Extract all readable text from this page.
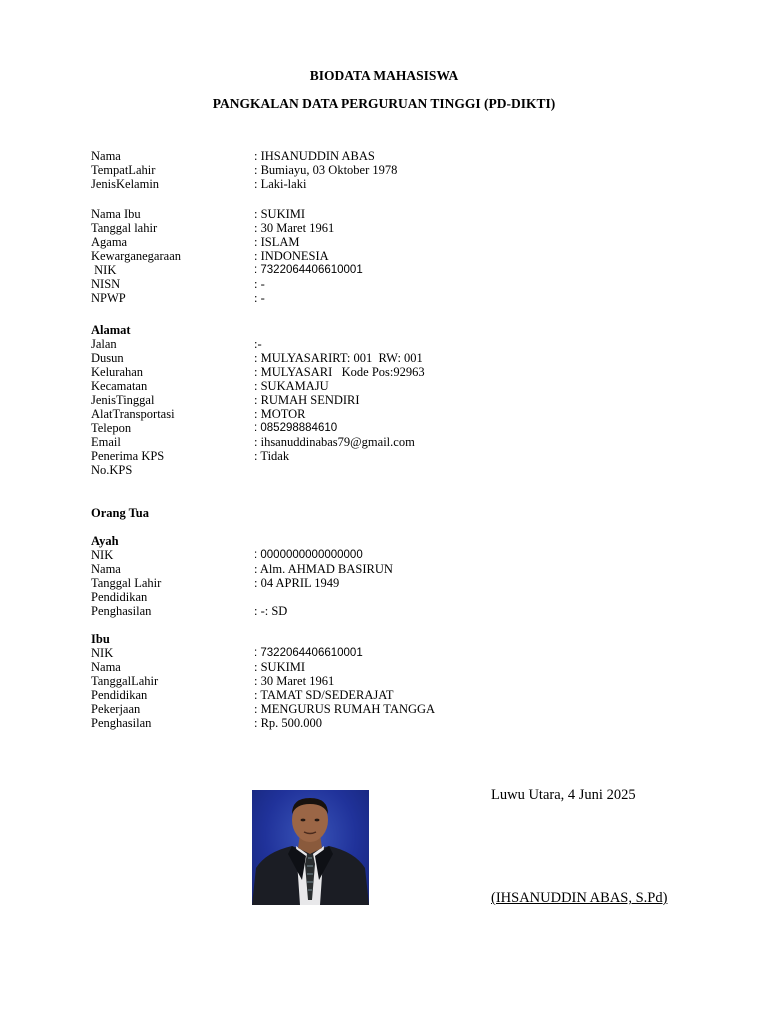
BIODATA MAHASISWA
PANGKALAN DATA PERGURUAN TINGGI (PD-DIKTI)
Nama	: IHSANUDDIN ABAS
TempatLahir	: Bumiayu, 03 Oktober 1978
JenisKelamin	: Laki-laki
Nama Ibu	: SUKIMI
Tanggal lahir	: 30 Maret 1961
Agama	: ISLAM
Kewarganegaraan	: INDONESIA
NIK	: 7322064406610001
NISN	: -
NPWP	: -
Alamat
Jalan	:-
Dusun	: MULYASARIRT: 001  RW: 001
Kelurahan	: MULYASARI   Kode Pos:92963
Kecamatan	: SUKAMAJU
JenisTinggal	: RUMAH SENDIRI
AlatTransportasi	: MOTOR
Telepon	: 085298884610
Email	: ihsanuddinabas79@gmail.com
Penerima KPS	: Tidak
No.KPS
Orang Tua
Ayah
NIK	: 0000000000000000
Nama	: Alm. AHMAD BASIRUN
Tanggal Lahir	: 04 APRIL 1949
Pendidikan
Penghasilan	: -: SD
Ibu
NIK	: 7322064406610001
Nama	: SUKIMI
TanggalLahir	: 30 Maret 1961
Pendidikan	: TAMAT SD/SEDERAJAT
Pekerjaan	: MENGURUS RUMAH TANGGA
Penghasilan	: Rp. 500.000
Luwu Utara, 4 Juni 2025
(IHSANUDDIN ABAS, S.Pd)
